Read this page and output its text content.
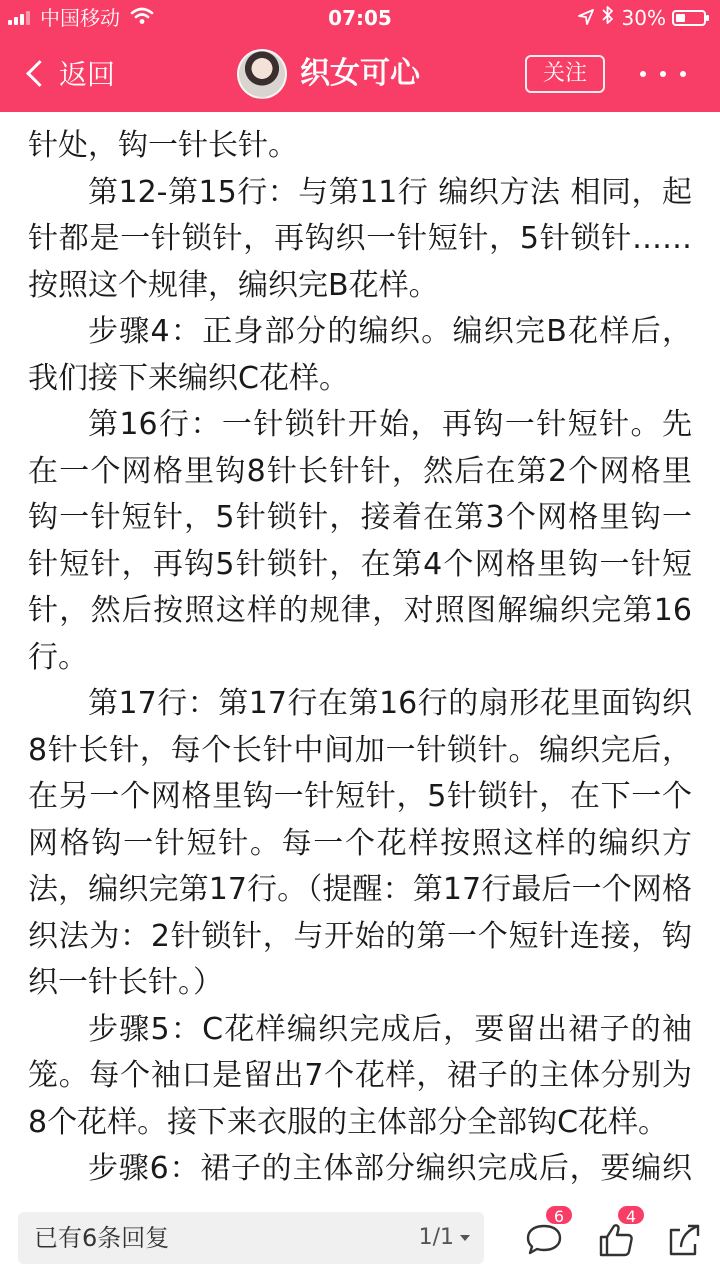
中国移动	07:05	30%
返回	织女可心	关注

针处，钩一针长针。

第12-第15行：与第11行 编织方法 相同，起针都是一针锁针，再钩织一针短针，5针锁针……按照这个规律，编织完B花样。

步骤4：正身部分的编织。编织完B花样后，我们接下来编织C花样。

第16行：一针锁针开始，再钩一针短针。先在一个网格里钩8针长针针，然后在第2个网格里钩一针短针，5针锁针，接着在第3个网格里钩一针短针，再钩5针锁针，在第4个网格里钩一针短针，然后按照这样的规律，对照图解编织完第16行。

第17行：第17行在第16行的扇形花里面钩织8针长针，每个长针中间加一针锁针。编织完后，在另一个网格里钩一针短针，5针锁针，在下一个网格钩一针短针。每一个花样按照这样的编织方法，编织完第17行。（提醒：第17行最后一个网格织法为：2针锁针，与开始的第一个短针连接，钩织一针长针。）

步骤5：C花样编织完成后，要留出裙子的袖笼。每个袖口是留出7个花样，裙子的主体分别为8个花样。接下来衣服的主体部分全部钩C花样。

步骤6：裙子的主体部分编织完成后，要编织

已有6条回复	1/1
6	4
